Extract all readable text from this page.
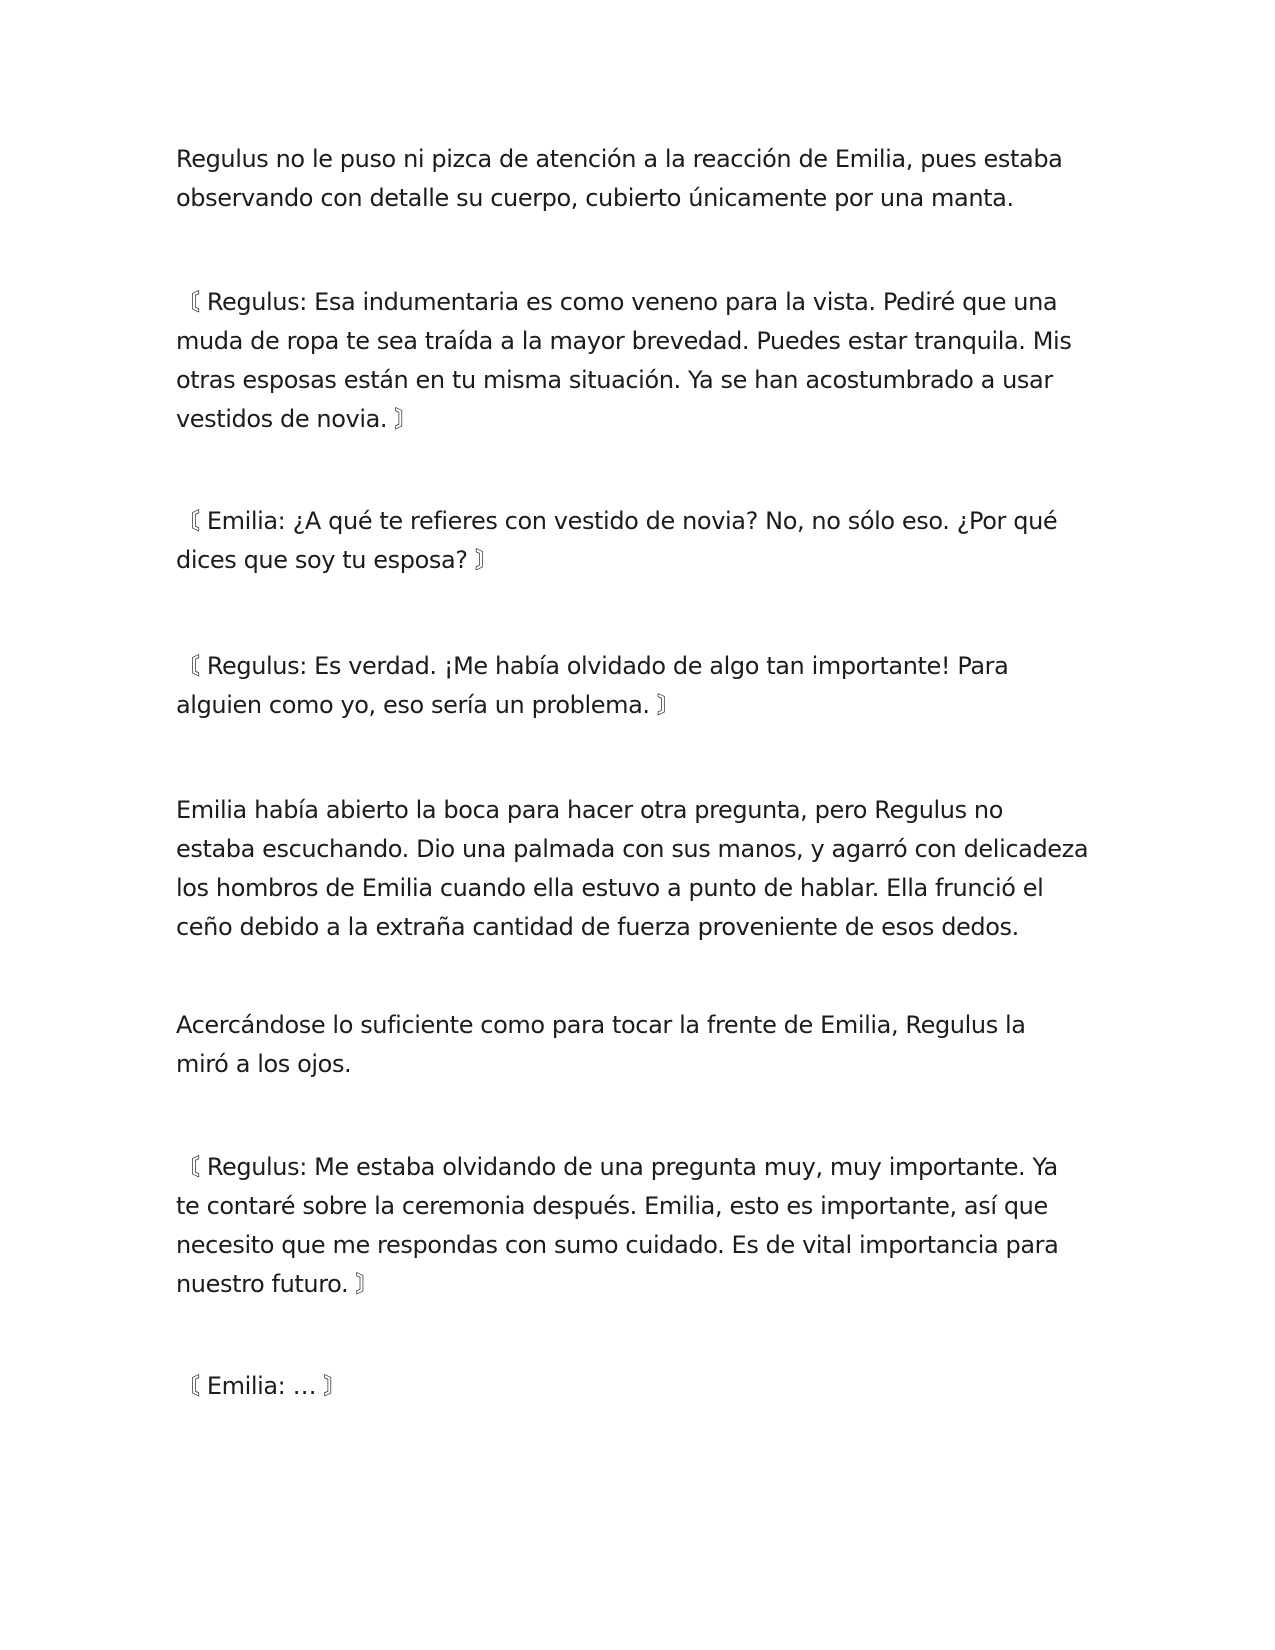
Regulus no le puso ni pizca de atención a la reacción de Emilia, pues estaba
observando con detalle su cuerpo, cubierto únicamente por una manta.

〘 Regulus: Esa indumentaria es como veneno para la vista. Pediré que una
muda de ropa te sea traída a la mayor brevedad. Puedes estar tranquila. Mis
otras esposas están en tu misma situación. Ya se han acostumbrado a usar
vestidos de novia. 〙

〘 Emilia: ¿A qué te refieres con vestido de novia? No, no sólo eso. ¿Por qué
dices que soy tu esposa? 〙

〘 Regulus: Es verdad. ¡Me había olvidado de algo tan importante! Para
alguien como yo, eso sería un problema. 〙

Emilia había abierto la boca para hacer otra pregunta, pero Regulus no
estaba escuchando. Dio una palmada con sus manos, y agarró con delicadeza
los hombros de Emilia cuando ella estuvo a punto de hablar. Ella frunció el
ceño debido a la extraña cantidad de fuerza proveniente de esos dedos.

Acercándose lo suficiente como para tocar la frente de Emilia, Regulus la
miró a los ojos.

〘 Regulus: Me estaba olvidando de una pregunta muy, muy importante. Ya
te contaré sobre la ceremonia después. Emilia, esto es importante, así que
necesito que me respondas con sumo cuidado. Es de vital importancia para
nuestro futuro. 〙

〘 Emilia: … 〙
